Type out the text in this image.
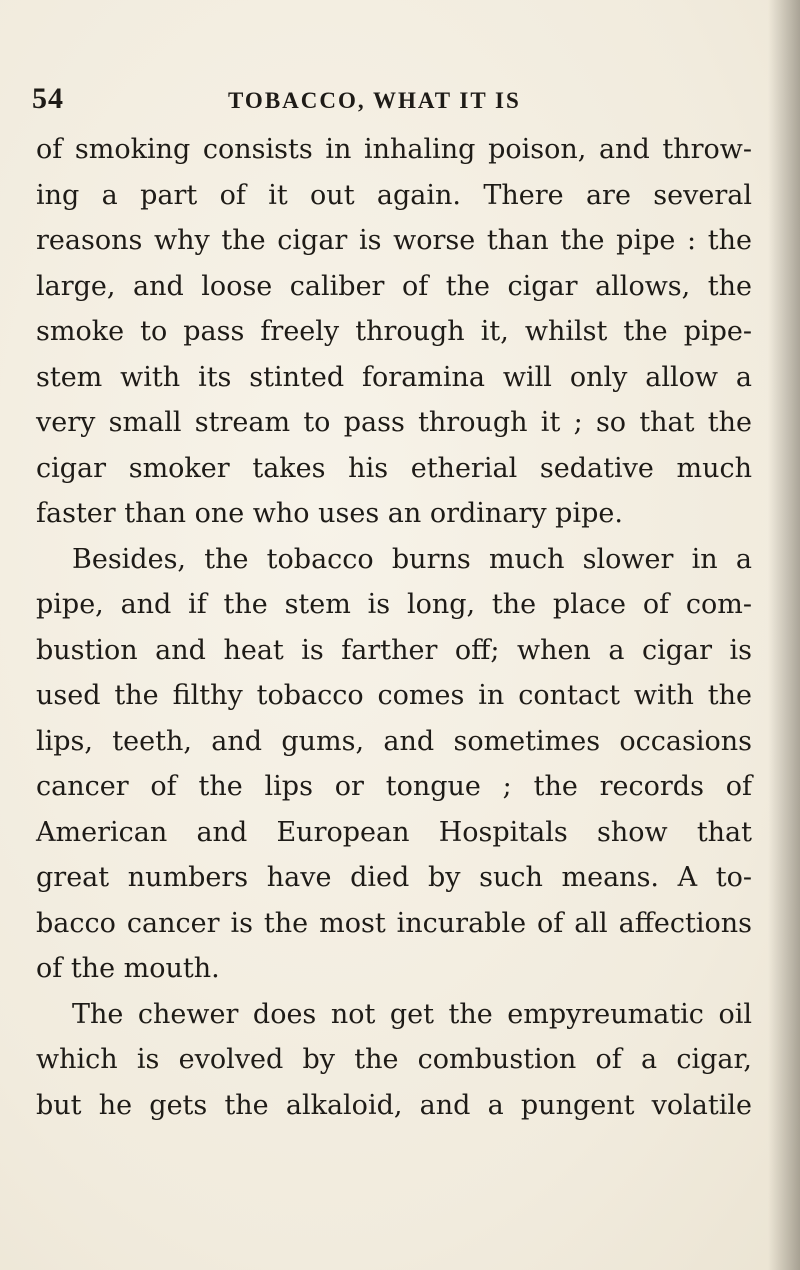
54	TOBACCO, WHAT IT IS
of smoking consists in inhaling poison, and throw-
ing a part of it out again. There are several
reasons why the cigar is worse than the pipe : the
large, and loose caliber of the cigar allows, the
smoke to pass freely through it, whilst the pipe-
stem with its stinted foramina will only allow a
very small stream to pass through it ; so that the
cigar smoker takes his etherial sedative much
faster than one who uses an ordinary pipe.
Besides, the tobacco burns much slower in a
pipe, and if the stem is long, the place of com-
bustion and heat is farther off; when a cigar is
used the filthy tobacco comes in contact with the
lips, teeth, and gums, and sometimes occasions
cancer of the lips or tongue ; the records of
American and European Hospitals show that
great numbers have died by such means. A to-
bacco cancer is the most incurable of all affections
of the mouth.
The chewer does not get the empyreumatic oil
which is evolved by the combustion of a cigar,
but he gets the alkaloid, and a pungent volatile
